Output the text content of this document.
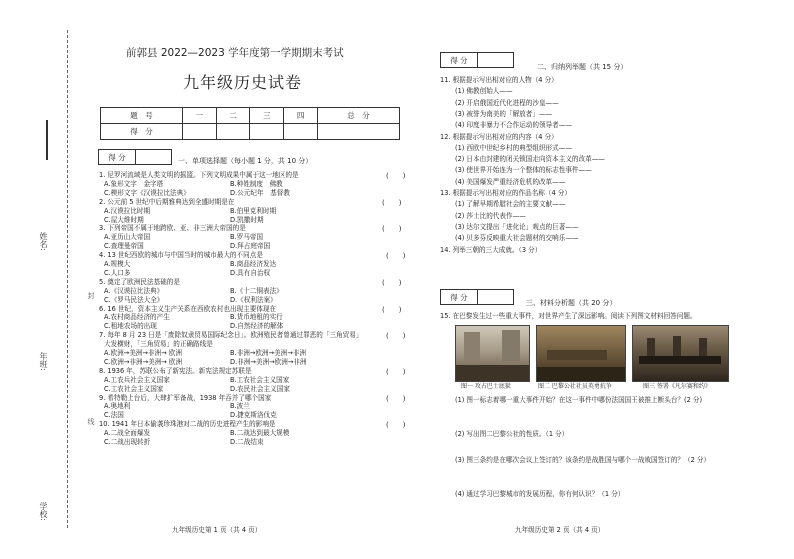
姓名:
年班:
学校:
封
线
前郭县 2022—2023 学年度第一学期期末考试
九年级历史试卷
题　号	一	二	三	四	总　分
得　分					
得 分	一、单项选择题（每小题 1 分，共 10 分）
1. 尼罗河流域是人类文明的摇篮。下列文明成果中属于这一地区的是	(　　)
A.象形文字　金字塔	B.种姓制度　佛教
C.楔形文字《汉谟拉比法典》	D.公元纪年　基督教
2. 公元前 5 世纪中后期雅典达到全盛时期是在	(　　)
A.汉谟拉比时期	B.伯里克利时期
C.屋大维时期	D.凯撒时期
3. 下列帝国不属于地跨欧、亚、非三洲大帝国的是	(　　)
A.亚历山大帝国	B.罗马帝国
C.查理曼帝国	D.拜占庭帝国
4. 13 世纪西欧的城市与中国当时的城市最大的不同点是	(　　)
A.规模大	B.商品经济发达
C.人口多	D.具有自治权
5. 奠定了欧洲民法基础的是	(　　)
A.《汉谟拉比法典》	B.《十二铜表法》
C.《罗马民法大全》	D.《权利法案》
6. 16 世纪，资本主义生产关系在西欧农村也出现主要体现在	(　　)
A.农村商品经济的产生	B.货币地租的实行
C.租地农场的出现	D.自然经济的解体
7. 每年 8 月 23 日是「废除奴隶贸易国际纪念日」。欧洲殖民者曾通过罪恶的「三角贸易」	(　　)
大发横财，「三角贸易」的正确路线是
A.欧洲→美洲→非洲→ 欧洲	B.非洲→欧洲→美洲→非洲
C.欧洲→非洲→美洲→ 欧洲	D.非洲→美洲→欧洲→非洲
8. 1936 年，苏联公布了新宪法。新宪法规定苏联是	(　　)
A.工农兵社会主义国家	B.工农社会主义国家
C.工农社会主义国家	D.农民社会主义国家
9. 希特勒上台后，大肆扩军备战，1938 年吞并了哪个国家	(　　)
A.奥地利	B.波兰
C.法国	D.捷克斯洛伐克
10. 1941 年日本偷袭珍珠港对二战的历史进程产生的影响是	(　　)
A.二战全面爆发	B.二战达到最大规模
C.二战出现转折	D.二战结束
得 分
二、归纳列举题（共 15 分）
11. 根据提示写出相对应的人物（4 分）
(1) 佛教创始人——
(2) 开启俄国近代化进程的沙皇——
(3) 被誉为南美的「解放者」——
(4) 印度非暴力不合作运动的领导者——
12. 根据提示写出相对应的内容（4 分）
(1) 西欧中世纪乡村的典型组织形式——
(2) 日本由封建的闭关锁国走向资本主义的改革——
(3) 使世界开始连为一个整体的标志性事件——
(4) 美国爆发严重经济危机的改革——
13. 根据提示写出相对应的作品名称（4 分）
(1) 了解早期希腊社会的主要文献——
(2) 莎士比的代表作——
(3) 达尔文提出「进化论」观点的巨著——
(4) 贝多芬反映重大社会题材的交响乐——
14. 列举三朝的三大成就。（3 分）
得 分
三、材料分析题（共 20 分）
15. 在巴黎发生过一些重大事件，对世界产生了深远影响。阅读下列图文材料回答问题。
图一 攻占巴士底狱	图二 巴黎公社社员英勇抗争	图三 签署《凡尔赛和约》
(1) 图一标志着哪一重大事件开始？在这一事件中哪份法国国王被推上断头台？(2 分)
(2) 写出图二巴黎公社的性质。（1 分）
(3) 图三条约是在哪次会议上签订的？该条约是战胜国与哪个一战败国签订的？（2 分）
(4) 通过学习巴黎城市的发展历程，你有何认识？（1 分）
九年级历史第 1 页（共 4 页）	九年级历史第 2 页（共 4 页）
